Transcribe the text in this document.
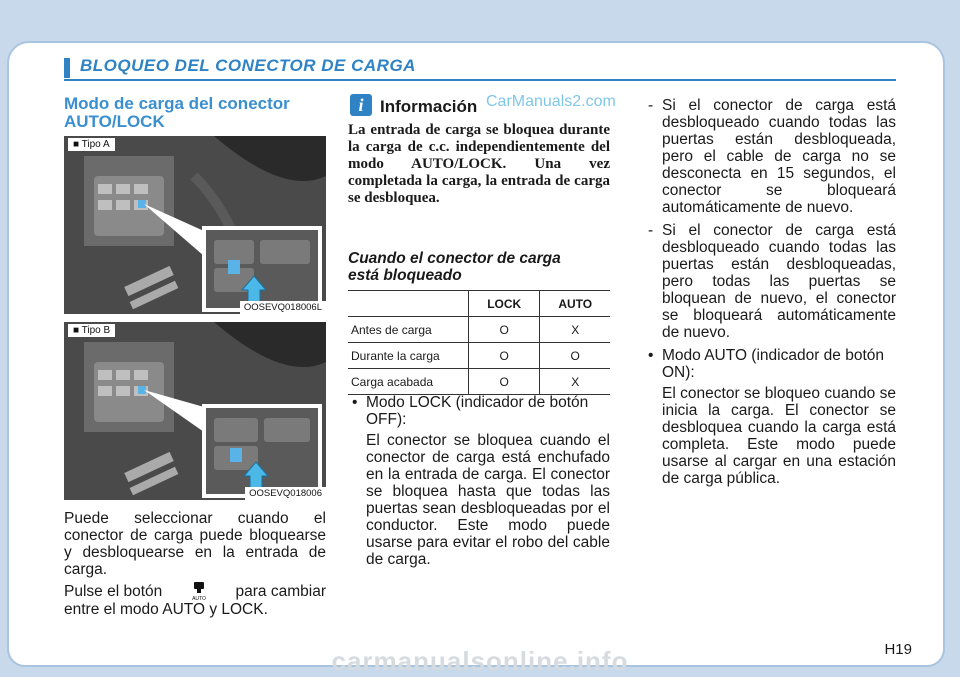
BLOQUEO DEL CONECTOR DE CARGA
Modo de carga del conector
AUTO/LOCK
■ Tipo A
OOSEVQ018006L
■ Tipo B
OOSEVQ018006

Puede seleccionar cuando el conector de carga puede bloquearse y desbloquearse en la entrada de carga.

Pulse el botón	AUTO para cambiar
entre el modo AUTO y LOCK.
i Información CarManuals2.com

La entrada de carga se bloquea durante la carga de c.c. independientemente del modo AUTO/LOCK. Una vez completada la carga, la entrada de carga se desbloquea.

Cuando el conector de carga
está bloqueado
	LOCK	AUTO
Antes de carga	O	X
Durante la carga	O	O
Carga acabada	O	X
• Modo LOCK (indicador de botón OFF):

El conector se bloquea cuando el conector de carga está enchufado en la entrada de carga. El conector se bloquea hasta que todas las puertas sean desbloqueadas por el conductor. Este modo puede usarse para evitar el robo del cable de carga.

- Si el conector de carga está desbloqueado cuando todas las puertas están desbloqueada, pero el cable de carga no se desconecta en 15 segundos, el conector se bloqueará automáticamente de nuevo.

- Si el conector de carga está desbloqueado cuando todas las puertas están desbloqueadas, pero todas las puertas se bloquean de nuevo, el conector se bloqueará automáticamente de nuevo.

• Modo AUTO (indicador de botón ON):

El conector se bloqueo cuando se inicia la carga. El conector se desbloquea cuando la carga está completa. Este modo puede usarse al cargar en una estación de carga pública.

H19
carmanualsonline.info
